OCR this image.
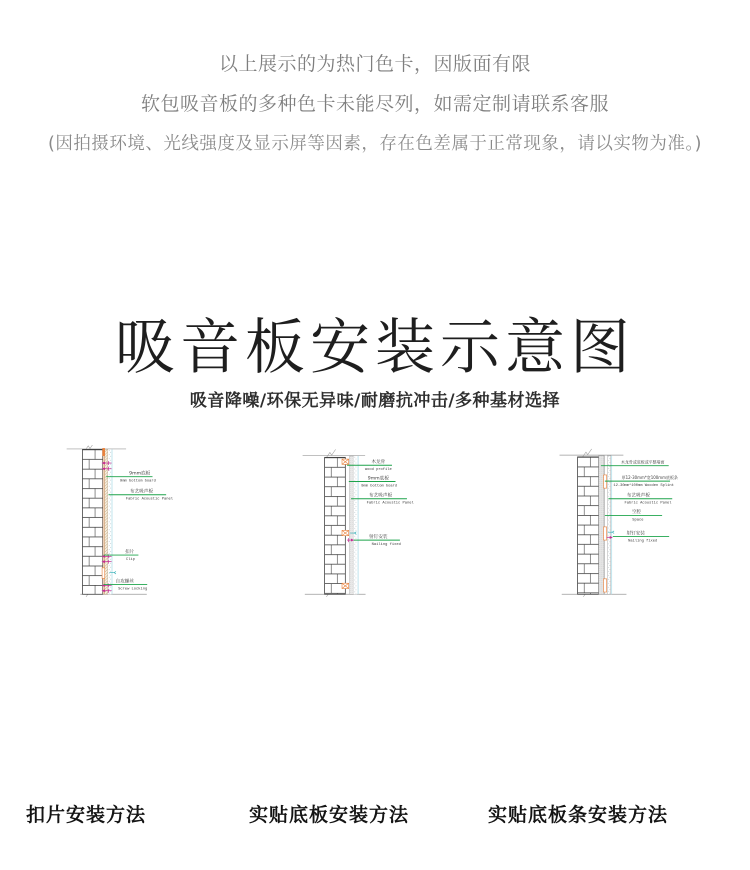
以上展示的为热门色卡，因版面有限

软包吸音板的多种色卡未能尽列，如需定制请联系客服

(因拍摄环境、光线强度及显示屏等因素，存在色差属于正常现象，请以实物为准。)

吸音板安装示意图
吸音降噪/环保无异味/耐磨抗冲击/多种基材选择
9mm底板
9mm bottom board
布艺吸声板
Fabric Acoustic Panel
扣片
Clip
自攻螺丝
Screw Locking
木龙骨
wood profile
9mm底板
9mm bottom board
布艺吸声板
Fabric Acoustic Panel
射钉安装
Nailing fixed
木龙骨或底板或平整墙面
厚12-30mm*宽100mm底板条
12-30mm*100mm Wooden Splint
布艺吸声板
Fabric Acoustic Panel
空腔
Space
射钉安装
Nailing fixed
扣片安装方法	实贴底板安装方法	实贴底板条安装方法
